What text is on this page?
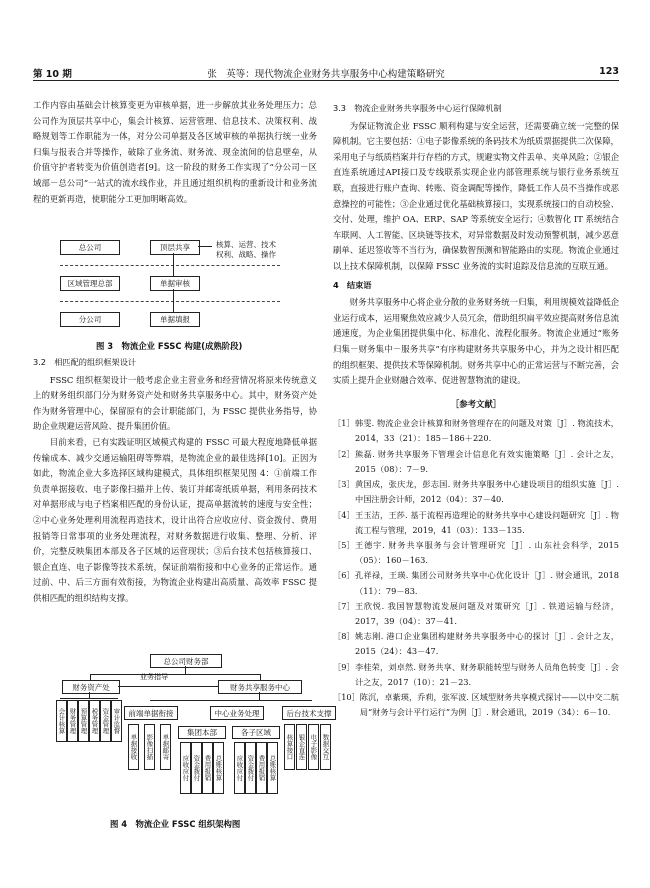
第 10 期	张　英等：现代物流企业财务共享服务中心构建策略研究	123

工作内容由基础会计核算变更为审核单据，进一步解放其业务处理压力；总公司作为顶层共享中心，集会计核算、运营管理、信息技术、决策权利、战略规划等工作职能为一体，对分公司单据及各区域审核的单据执行统一业务归集与报表合并等操作，破除了业务流、财务流、现金流间的信息壁垒，从价值守护者转变为价值创造者[9]。这一阶段的财务工作实现了“分公司－区域部－总公司”一站式的流水线作业，并且通过组织机构的重新设计和业务流程的更新再造，使职能分工更加明晰高效。

总公司
区域管理总部
分公司
顶层共享
单据审核
单据填报
核算、运营、技术
权利、战略、操作
图 3　物流企业 FSSC 构建(成熟阶段)
3.2　相匹配的组织框架设计

FSSC 组织框架设计一般考虑企业主营业务和经营情况将原来传统意义上的财务组织部门分为财务资产处和财务共享服务中心。其中，财务资产处作为财务管理中心，保留原有的会计职能部门，为 FSSC 提供业务指导，协助企业规避运营风险、提升集团价值。

目前来看，已有实践证明区域模式构建的 FSSC 可最大程度地降低单据传输成本、减少交通运输阻碍等弊端，是物流企业的最佳选择[10]。正因为如此，物流企业大多选择区域构建模式，具体组织框架见图 4：①前端工作负责单据接收、电子影像扫描并上传、装订并邮寄纸质单据，利用条码技术对单据形成与电子档案相匹配的身份认证，提高单据流转的速度与安全性；②中心业务处理利用流程再造技术，设计出符合应收应付、资金拨付、费用报销等日常事项的业务处理流程，对财务数据进行收集、整理、分析、评价，完整反映集团本部及各子区域的运营现状；③后台技术包括核算接口、银企直连、电子影像等技术系统，保证前端衔接和中心业务的正常运作。通过前、中、后三方面有效衔接，为物流企业构建出高质量、高效率 FSSC 提供相匹配的组织结构支撑。

总公司财务部
财务资产处
业务指导
财务共享服务中心
会计核算 财务管理 预算管理 税务管理 资金管理 审计监督	前端单据衔接	中心业务处理	后台技术支撑
单据接收 影像扫描 单据邮寄
集团本部	各子区域
应收应付 资金拨付 费用报销 总账核算 应收应付 资金拨付 费用报销 总账核算
核算接口 银企直连 电子影像 数据交互
图 4　物流企业 FSSC 组织架构图
3.3　物流企业财务共享服务中心运行保障机制

为保证物流企业 FSSC 顺利构建与安全运营，还需要确立统一完整的保障机制。它主要包括：①电子影像系统的条码技术为纸质票据提供二次保障，采用电子与纸质档案并行存档的方式，规避实物文件丢单、夹单风险；②银企直连系统通过API接口及专线联系实现企业内部管理系统与银行业务系统互联，直接进行账户查询、转账、资金调配等操作，降低工作人员不当操作或恶意操控的可能性；③企业通过优化基础核算接口，实现系统接口的自动校验、交付、处理，维护 OA、ERP、SAP 等系统安全运行；④数智化 IT 系统结合车联网、人工智能、区块链等技术，对异常数据及时发动预警机制，减少恶意刷单、延迟签收等不当行为，确保数智预测和智能路由的实现。物流企业通过以上技术保障机制，以保障 FSSC 业务流的实时追踪及信息流的互联互通。

4　结束语

财务共享服务中心将企业分散的业务财务统一归集，利用规模效益降低企业运行成本，运用聚焦效应减少人员冗余，借助组织扁平效应提高财务信息流通速度，为企业集团提供集中化、标准化、流程化服务。物流企业通过“账务归集－财务集中－服务共享”有序构建财务共享服务中心，并为之设计相匹配的组织框架、提供技术等保障机制。财务共享中心的正常运营与不断完善，会实质上提升企业财融合效率、促进智慧物流的建设。

［参考文献］
［1］ 韩雯. 物流企业会计核算和财务管理存在的问题及对策［J］. 物流技术，2014，33（21）：185－186＋220.
［2］ 熊磊. 财务共享服务下管理会计信息化有效实施策略［J］. 会计之友，2015（08）：7－9.
［3］ 黄国成，张庆龙，彭志国. 财务共享服务中心建设项目的组织实施［J］. 中国注册会计师，2012（04）：37－40.
［4］ 王玉洁，王莎. 基于流程再造理论的财务共享中心建设问题研究［J］. 物流工程与管理，2019，41（03）：133－135.
［5］ 王德宇. 财务共享服务与会计管理研究［J］. 山东社会科学，2015（05）：160－163.
［6］ 孔祥禄，王瑛. 集团公司财务共享中心优化设计［J］. 财会通讯，2018（11）：79－83.
［7］ 王欣悦. 我国智慧物流发展问题及对策研究［J］. 铁道运输与经济，2017，39（04）：37－41.
［8］ 姚志刚. 港口企业集团构建财务共享服务中心的探讨［J］. 会计之友，2015（24）：43－47.
［9］ 李桂荣，刘卓然. 财务共享、财务职能转型与财务人员角色转变［J］. 会计之友，2017（10）：21－23.
［10］ 陈沉，卓紫瑛，乔莉，张军波. 区域型财务共享模式探讨——以中交二航局“财务与会计平行运行”为例［J］. 财会通讯，2019（34）：6－10.
